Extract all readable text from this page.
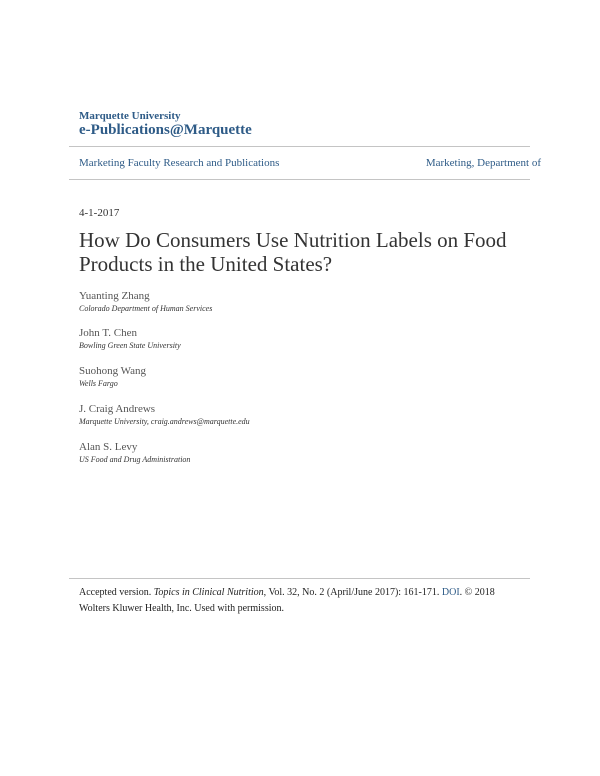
Marquette University
e-Publications@Marquette
Marketing Faculty Research and Publications	Marketing, Department of
4-1-2017
How Do Consumers Use Nutrition Labels on Food Products in the United States?
Yuanting Zhang
Colorado Department of Human Services
John T. Chen
Bowling Green State University
Suohong Wang
Wells Fargo
J. Craig Andrews
Marquette University, craig.andrews@marquette.edu
Alan S. Levy
US Food and Drug Administration
Accepted version. Topics in Clinical Nutrition, Vol. 32, No. 2 (April/June 2017): 161-171. DOI. © 2018 Wolters Kluwer Health, Inc. Used with permission.
